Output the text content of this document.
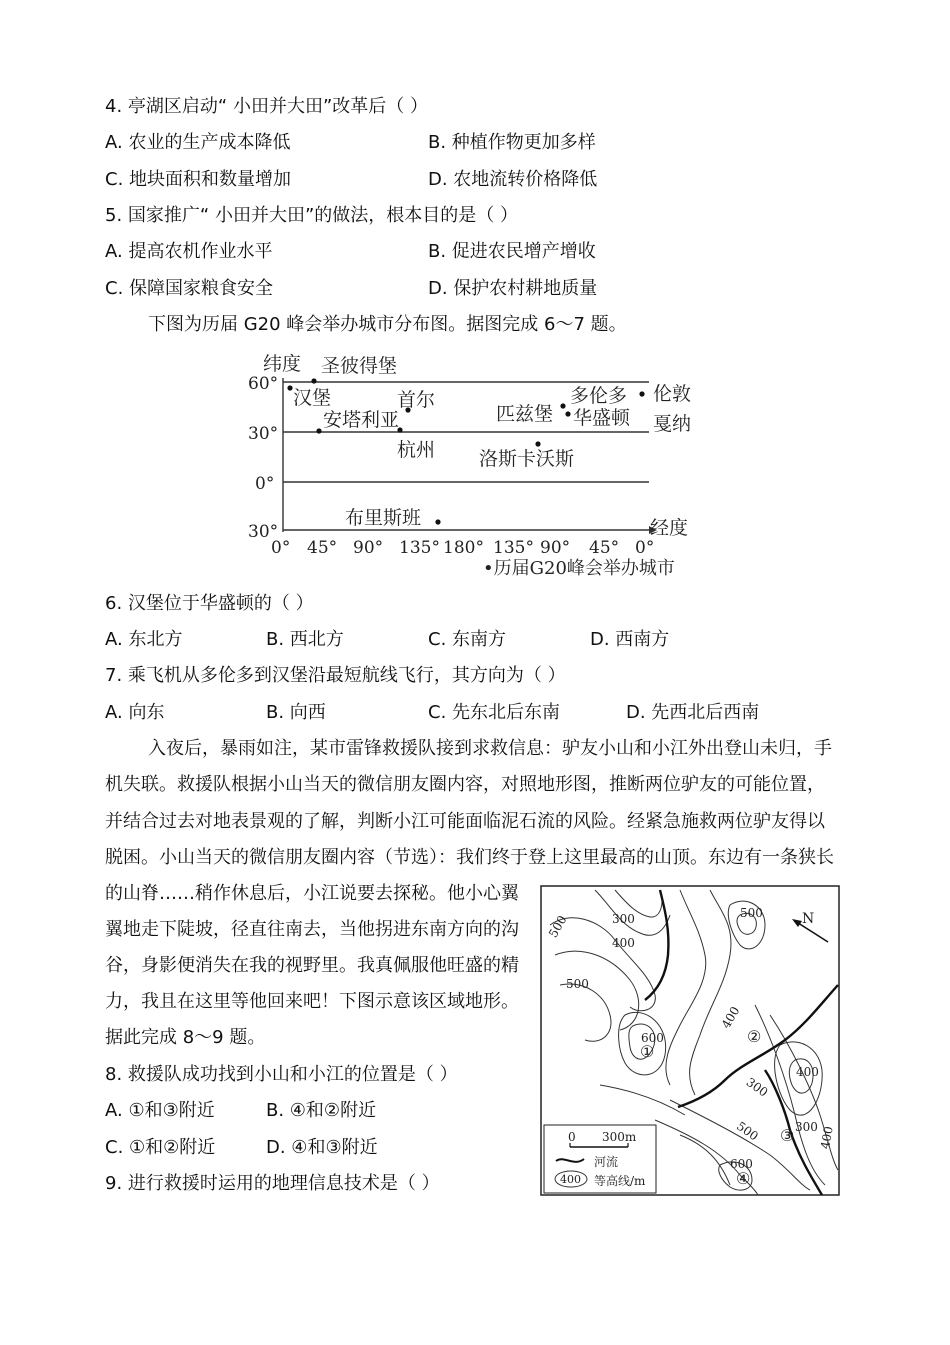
4. 亭湖区启动“ 小田并大田”改革后（ ）
A. 农业的生产成本降低	B. 种植作物更加多样
C. 地块面积和数量增加	D. 农地流转价格降低
5. 国家推广“ 小田并大田”的做法，根本目的是（ ）
A. 提高农机作业水平	B. 促进农民增产增收
C. 保障国家粮食安全	D. 保护农村耕地质量
下图为历届 G20 峰会举办城市分布图。据图完成 6～7 题。
纬度
经度
60°
30°
0°
30°
0° 45° 90° 135° 180° 135° 90° 45° 0°
圣彼得堡
汉堡	首尔
安塔利亚
杭州
匹兹堡
多伦多
华盛顿
伦敦
戛纳
洛斯卡沃斯
布里斯班
•历届G20峰会举办城市
6. 汉堡位于华盛顿的（ ）
A. 东北方	B. 西北方	C. 东南方	D. 西南方
7. 乘飞机从多伦多到汉堡沿最短航线飞行，其方向为（ ）
A. 向东	B. 向西	C. 先东北后东南	D. 先西北后西南
入夜后，暴雨如注，某市雷锋救援队接到求救信息：驴友小山和小江外出登山未归，手
机失联。救援队根据小山当天的微信朋友圈内容，对照地形图，推断两位驴友的可能位置，
并结合过去对地表景观的了解，判断小江可能面临泥石流的风险。经紧急施救两位驴友得以
脱困。小山当天的微信朋友圈内容（节选）：我们终于登上这里最高的山顶。东边有一条狭长
的山脊……稍作休息后，小江说要去探秘。他小心翼
翼地走下陡坡，径直往南去，当他拐进东南方向的沟
谷，身影便消失在我的视野里。我真佩服他旺盛的精
力，我且在这里等他回来吧！下图示意该区域地形。
据此完成 8～9 题。
8. 救援队成功找到小山和小江的位置是（ ）
A. ①和③附近	B. ④和②附近
C. ①和②附近	D. ④和③附近
9. 进行救援时运用的地理信息技术是（ ）
N
300
400
500
500
500
600
400
300
400
300
500	400
600
①
②
③
④
0 300m
河流
400 等高线/m
